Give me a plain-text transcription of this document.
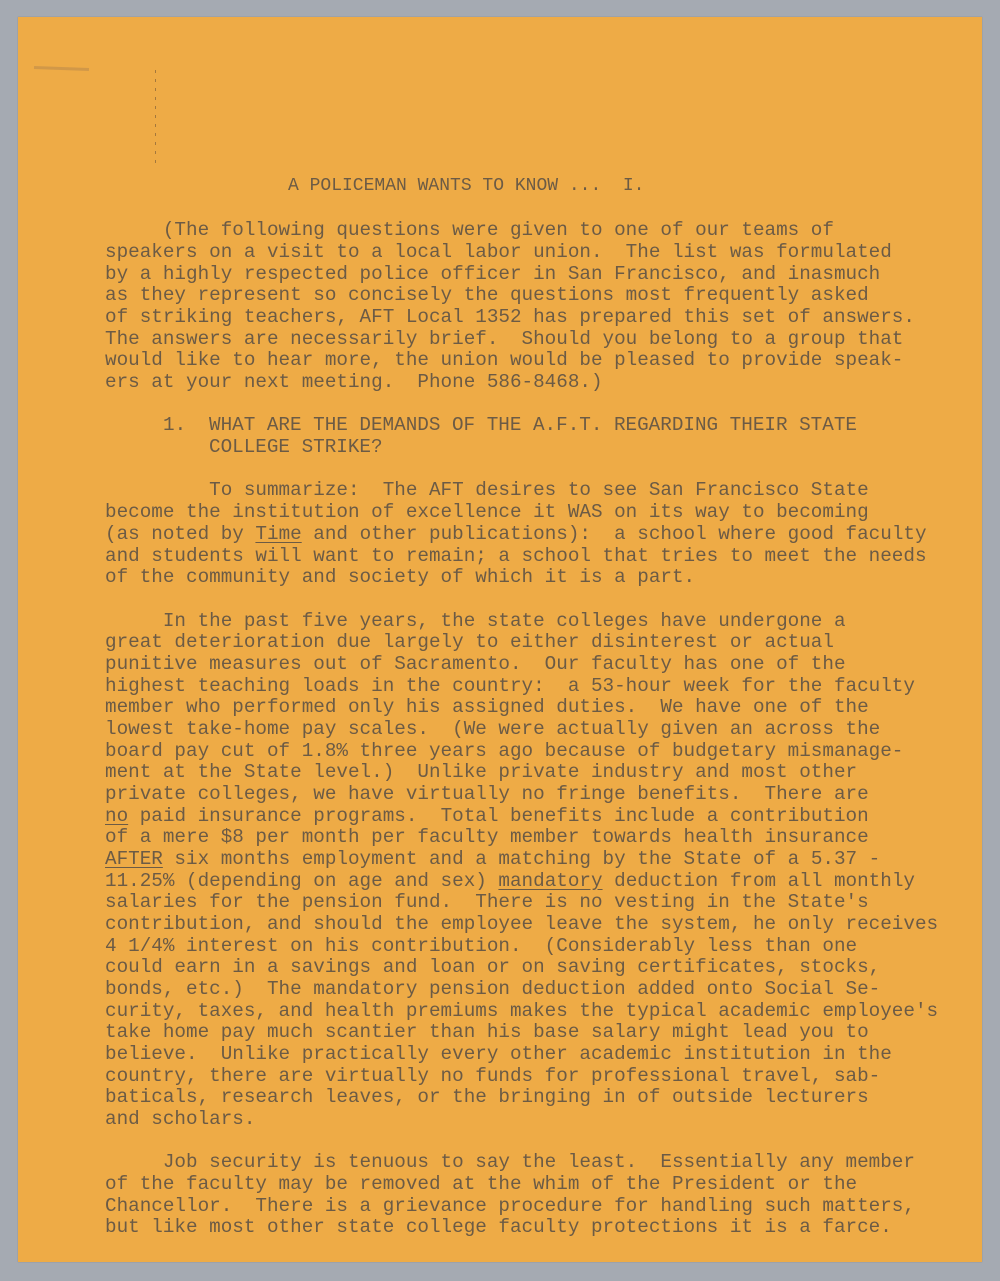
A POLICEMAN WANTS TO KNOW ...  I.
(The following questions were given to one of our teams of
speakers on a visit to a local labor union.  The list was formulated
by a highly respected police officer in San Francisco, and inasmuch
as they represent so concisely the questions most frequently asked
of striking teachers, AFT Local 1352 has prepared this set of answers.
The answers are necessarily brief.  Should you belong to a group that
would like to hear more, the union would be pleased to provide speak-
ers at your next meeting.  Phone 586-8468.)
1. WHAT ARE THE DEMANDS OF THE A.F.T. REGARDING THEIR STATE
COLLEGE STRIKE?
To summarize:  The AFT desires to see San Francisco State
become the institution of excellence it WAS on its way to becoming
(as noted by Time and other publications):  a school where good faculty
and students will want to remain; a school that tries to meet the needs
of the community and society of which it is a part.
In the past five years, the state colleges have undergone a
great deterioration due largely to either disinterest or actual
punitive measures out of Sacramento.  Our faculty has one of the
highest teaching loads in the country:  a 53-hour week for the faculty
member who performed only his assigned duties.  We have one of the
lowest take-home pay scales.  (We were actually given an across the
board pay cut of 1.8% three years ago because of budgetary mismanage-
ment at the State level.)  Unlike private industry and most other
private colleges, we have virtually no fringe benefits.  There are
no paid insurance programs.  Total benefits include a contribution
of a mere $8 per month per faculty member towards health insurance
AFTER six months employment and a matching by the State of a 5.37 -
11.25% (depending on age and sex) mandatory deduction from all monthly
salaries for the pension fund.  There is no vesting in the State's
contribution, and should the employee leave the system, he only receives
4 1/4% interest on his contribution.  (Considerably less than one
could earn in a savings and loan or on saving certificates, stocks,
bonds, etc.)  The mandatory pension deduction added onto Social Se-
curity, taxes, and health premiums makes the typical academic employee's
take home pay much scantier than his base salary might lead you to
believe.  Unlike practically every other academic institution in the
country, there are virtually no funds for professional travel, sab-
baticals, research leaves, or the bringing in of outside lecturers
and scholars.
Job security is tenuous to say the least.  Essentially any member
of the faculty may be removed at the whim of the President or the
Chancellor.  There is a grievance procedure for handling such matters,
but like most other state college faculty protections it is a farce.
